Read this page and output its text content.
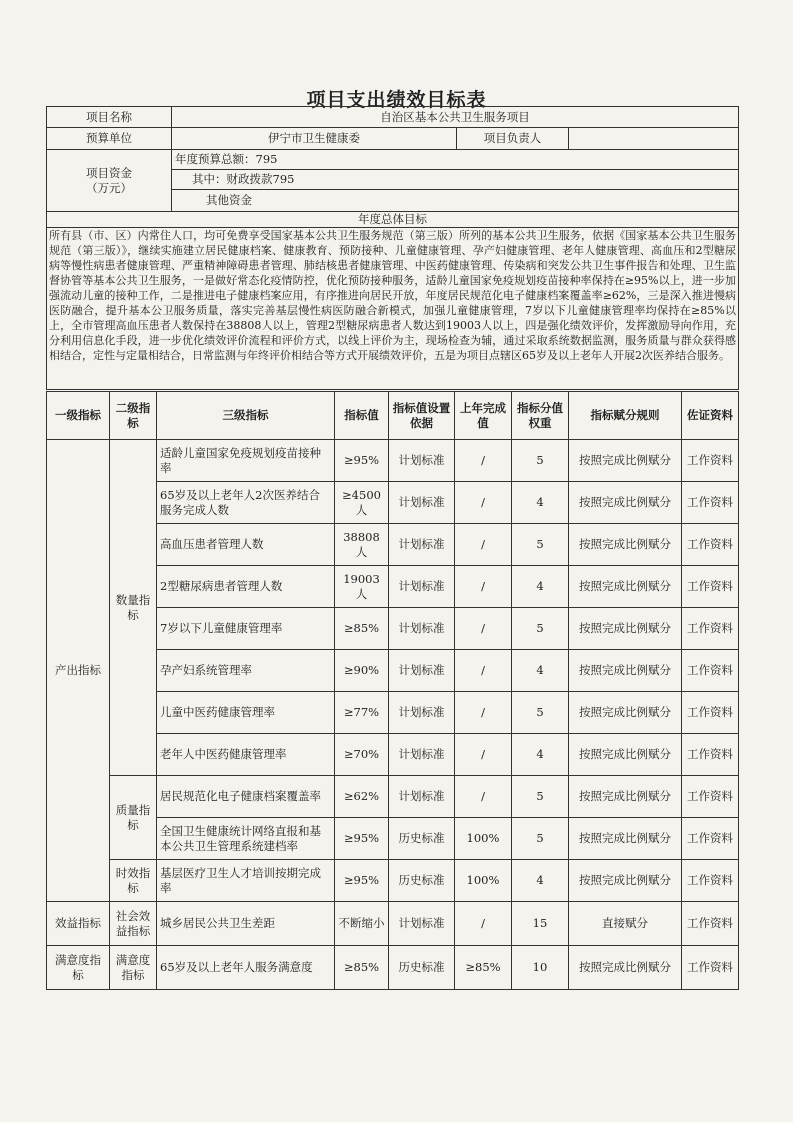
项目支出绩效目标表
项目名称	自治区基本公共卫生服务项目		
预算单位	伊宁市卫生健康委	项目负责人	

项目资金
（万元）	年度预算总额：795		
	其中：财政拨款795		
	其他资金		
年度总体目标			
所有县（市、区）内常住人口，均可免费享受国家基本公共卫生服务规范（第三版）所列的基本公共卫生服务，依据《国家基本公共卫生服务规范（第三版）》，继续实施建立居民健康档案、健康教育、预防接种、儿童健康管理、孕产妇健康管理、老年人健康管理、高血压和2型糖尿病等慢性病患者健康管理、严重精神障碍患者管理、肺结核患者健康管理、中医药健康管理、传染病和突发公共卫生事件报告和处理、卫生监督协管等基本公共卫生服务，一是做好常态化疫情防控，优化预防接种服务，适龄儿童国家免疫规划疫苗接种率保持在≥95%以上，进一步加强流动儿童的接种工作，二是推进电子健康档案应用，有序推进向居民开放，年度居民规范化电子健康档案覆盖率≥62%，三是深入推进慢病医防融合，提升基本公卫服务质量，落实完善基层慢性病医防融合新模式，加强儿童健康管理，7岁以下儿童健康管理率均保持在≥85%以上，全市管理高血压患者人数保持在38808人以上，管理2型糖尿病患者人数达到19003人以上，四是强化绩效评价，发挥激励导向作用，充分利用信息化手段，进一步优化绩效评价流程和评价方式，以线上评价为主，现场检查为辅，通过采取系统数据监测，服务质量与群众获得感相结合，定性与定量相结合，日常监测与年终评价相结合等方式开展绩效评价，五是为项目点辖区65岁及以上老年人开展2次医养结合服务。			
一级指标	二级指标	三级指标	指标值	指标值设置依据	上年完成值	指标分值权重	指标赋分规则	佐证资料
产出指标	数量指标	适龄儿童国家免疫规划疫苗接种率	≥95%	计划标准	/	5	按照完成比例赋分	工作资料
		65岁及以上老年人2次医养结合服务完成人数	≥4500人	计划标准	/	4	按照完成比例赋分	工作资料
		高血压患者管理人数	38808人	计划标准	/	5	按照完成比例赋分	工作资料
		2型糖尿病患者管理人数	19003人	计划标准	/	4	按照完成比例赋分	工作资料
		7岁以下儿童健康管理率	≥85%	计划标准	/	5	按照完成比例赋分	工作资料
		孕产妇系统管理率	≥90%	计划标准	/	4	按照完成比例赋分	工作资料
		儿童中医药健康管理率	≥77%	计划标准	/	5	按照完成比例赋分	工作资料
		老年人中医药健康管理率	≥70%	计划标准	/	4	按照完成比例赋分	工作资料
	质量指标	居民规范化电子健康档案覆盖率	≥62%	计划标准	/	5	按照完成比例赋分	工作资料
		全国卫生健康统计网络直报和基本公共卫生管理系统建档率	≥95%	历史标准	100%	5	按照完成比例赋分	工作资料
	时效指标	基层医疗卫生人才培训按期完成率	≥95%	历史标准	100%	4	按照完成比例赋分	工作资料
效益指标	社会效益指标	城乡居民公共卫生差距	不断缩小	计划标准	/	15	直接赋分	工作资料
满意度指标	满意度指标	65岁及以上老年人服务满意度	≥85%	历史标准	≥85%	10	按照完成比例赋分	工作资料
